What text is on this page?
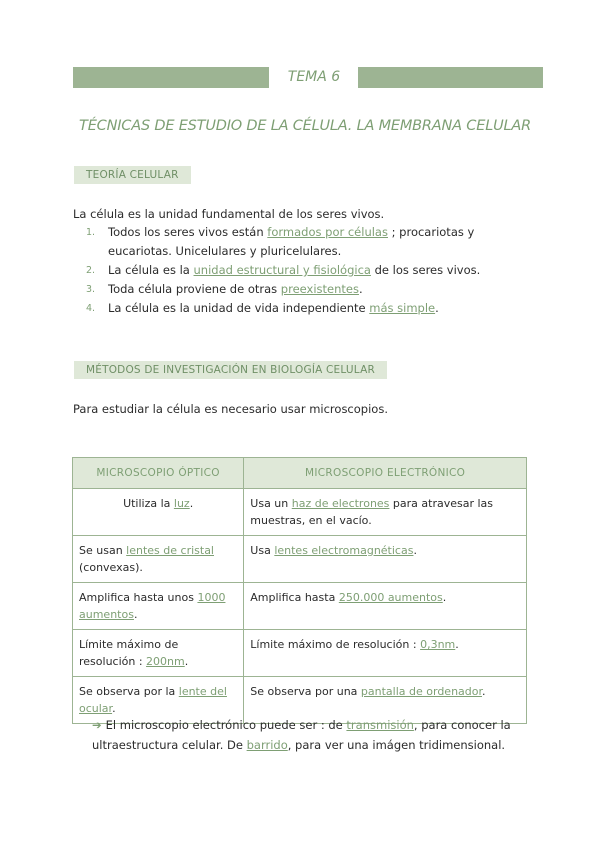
TEMA 6
TÉCNICAS DE ESTUDIO DE LA CÉLULA. LA MEMBRANA CELULAR
TEORÍA CELULAR
La célula es la unidad fundamental de los seres vivos.
1. Todos los seres vivos están formados por células ; procariotas y eucariotas. Unicelulares y pluricelulares.
2. La célula es la unidad estructural y fisiológica de los seres vivos.
3. Toda célula proviene de otras preexistentes.
4. La célula es la unidad de vida independiente más simple.
MÉTODOS DE INVESTIGACIÓN EN BIOLOGÍA CELULAR
Para estudiar la célula es necesario usar microscopios.
MICROSCOPIO ÓPTICO	MICROSCOPIO ELECTRÓNICO
Utiliza la luz.	Usa un haz de electrones para atravesar las muestras, en el vacío.
Se usan lentes de cristal (convexas).	Usa lentes electromagnéticas.
Amplifica hasta unos 1000 aumentos.	Amplifica hasta 250.000 aumentos.
Límite máximo de resolución : 200nm.	Límite máximo de resolución : 0,3nm.
Se observa por la lente del ocular.	Se observa por una pantalla de ordenador.
➔ El microscopio electrónico puede ser : de transmisión, para conocer la ultraestructura celular. De barrido, para ver una imágen tridimensional.
